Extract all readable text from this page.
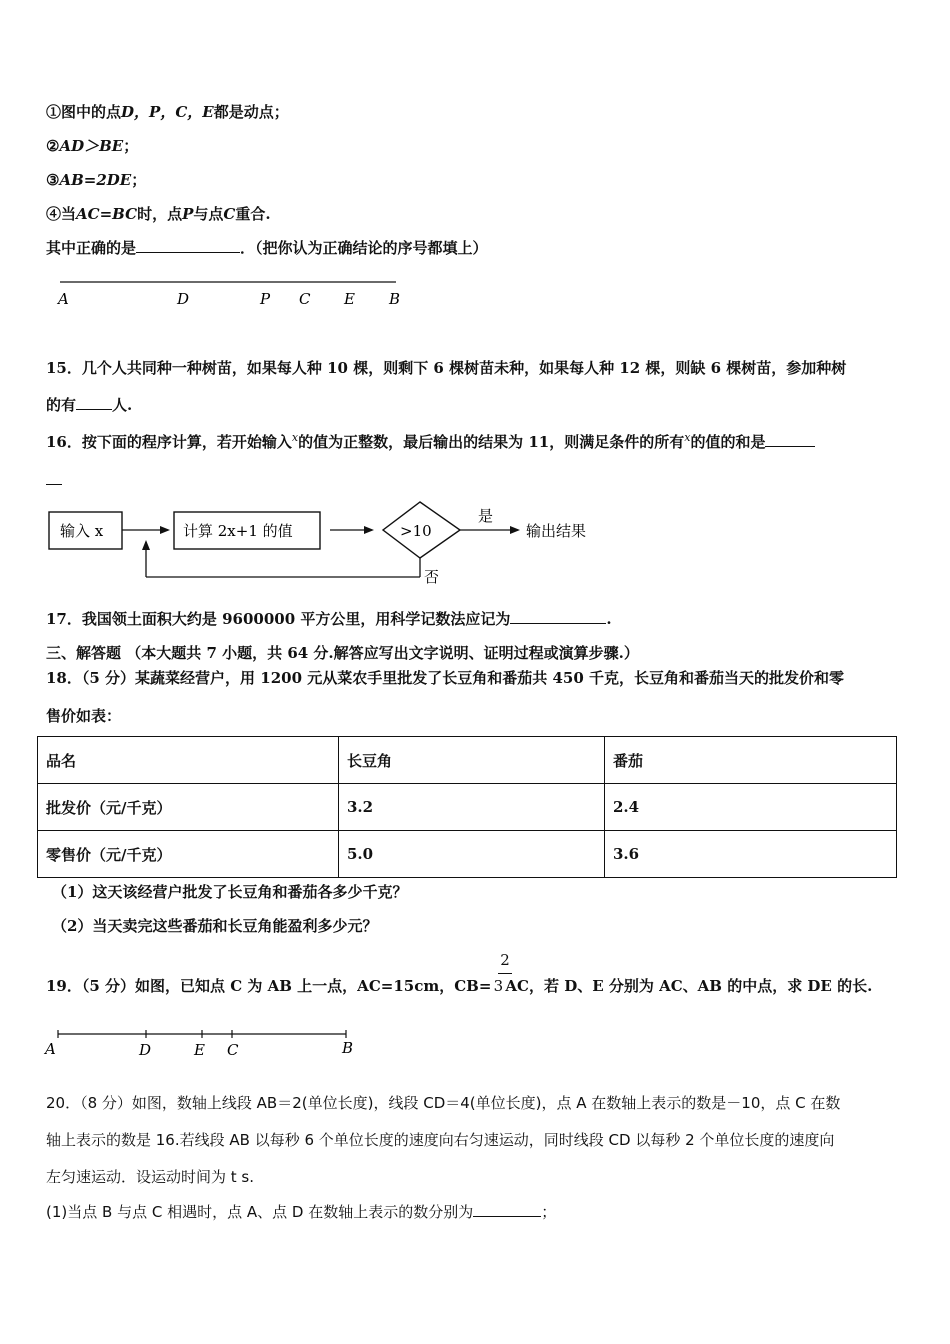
①图中的点D，P，C，E都是动点；
②AD＞BE；
③AB=2DE；
④当AC=BC时，点P与点C重合.
其中正确的是	．（把你认为正确结论的序号都填上）
A	D	P C E B
15．几个人共同种一种树苗，如果每人种 10 棵，则剩下 6 棵树苗未种，如果每人种 12 棵，则缺 6 棵树苗，参加种树
的有 人.
16．按下面的程序计算，若开始输入$^x$的值为正整数，最后输出的结果为 11，则满足条件的所有$^x$的值的和是
输入 x	计算 2x+1 的值	>10
是
输出结果
否
17．我国领土面积大约是 9600000 平方公里，用科学记数法应记为	.
三、解答题 （本大题共 7 小题，共 64 分.解答应写出文字说明、证明过程或演算步骤.）
18．（5 分）某蔬菜经营户，用 1200 元从菜农手里批发了长豆角和番茄共 450 千克，长豆角和番茄当天的批发价和零
售价如表：
品名	长豆角	番茄
批发价（元/千克）	3.2	2.4
零售价（元/千克）	5.0	3.6
（1）这天该经营户批发了长豆角和番茄各多少千克？
（2）当天卖完这些番茄和长豆角能盈利多少元？
2
19．（5 分）如图，已知点 C 为 AB 上一点，AC=15cm，CB= 3 AC，若 D、E 分别为 AC、AB 的中点，求 DE 的长.
A	D	E C	B
20．（8 分）如图，数轴上线段 AB＝2(单位长度)，线段 CD＝4(单位长度)，点 A 在数轴上表示的数是－10，点 C 在数
轴上表示的数是 16.若线段 AB 以每秒 6 个单位长度的速度向右匀速运动，同时线段 CD 以每秒 2 个单位长度的速度向
左匀速运动．设运动时间为 t s.
(1)当点 B 与点 C 相遇时，点 A、点 D 在数轴上表示的数分别为	；
